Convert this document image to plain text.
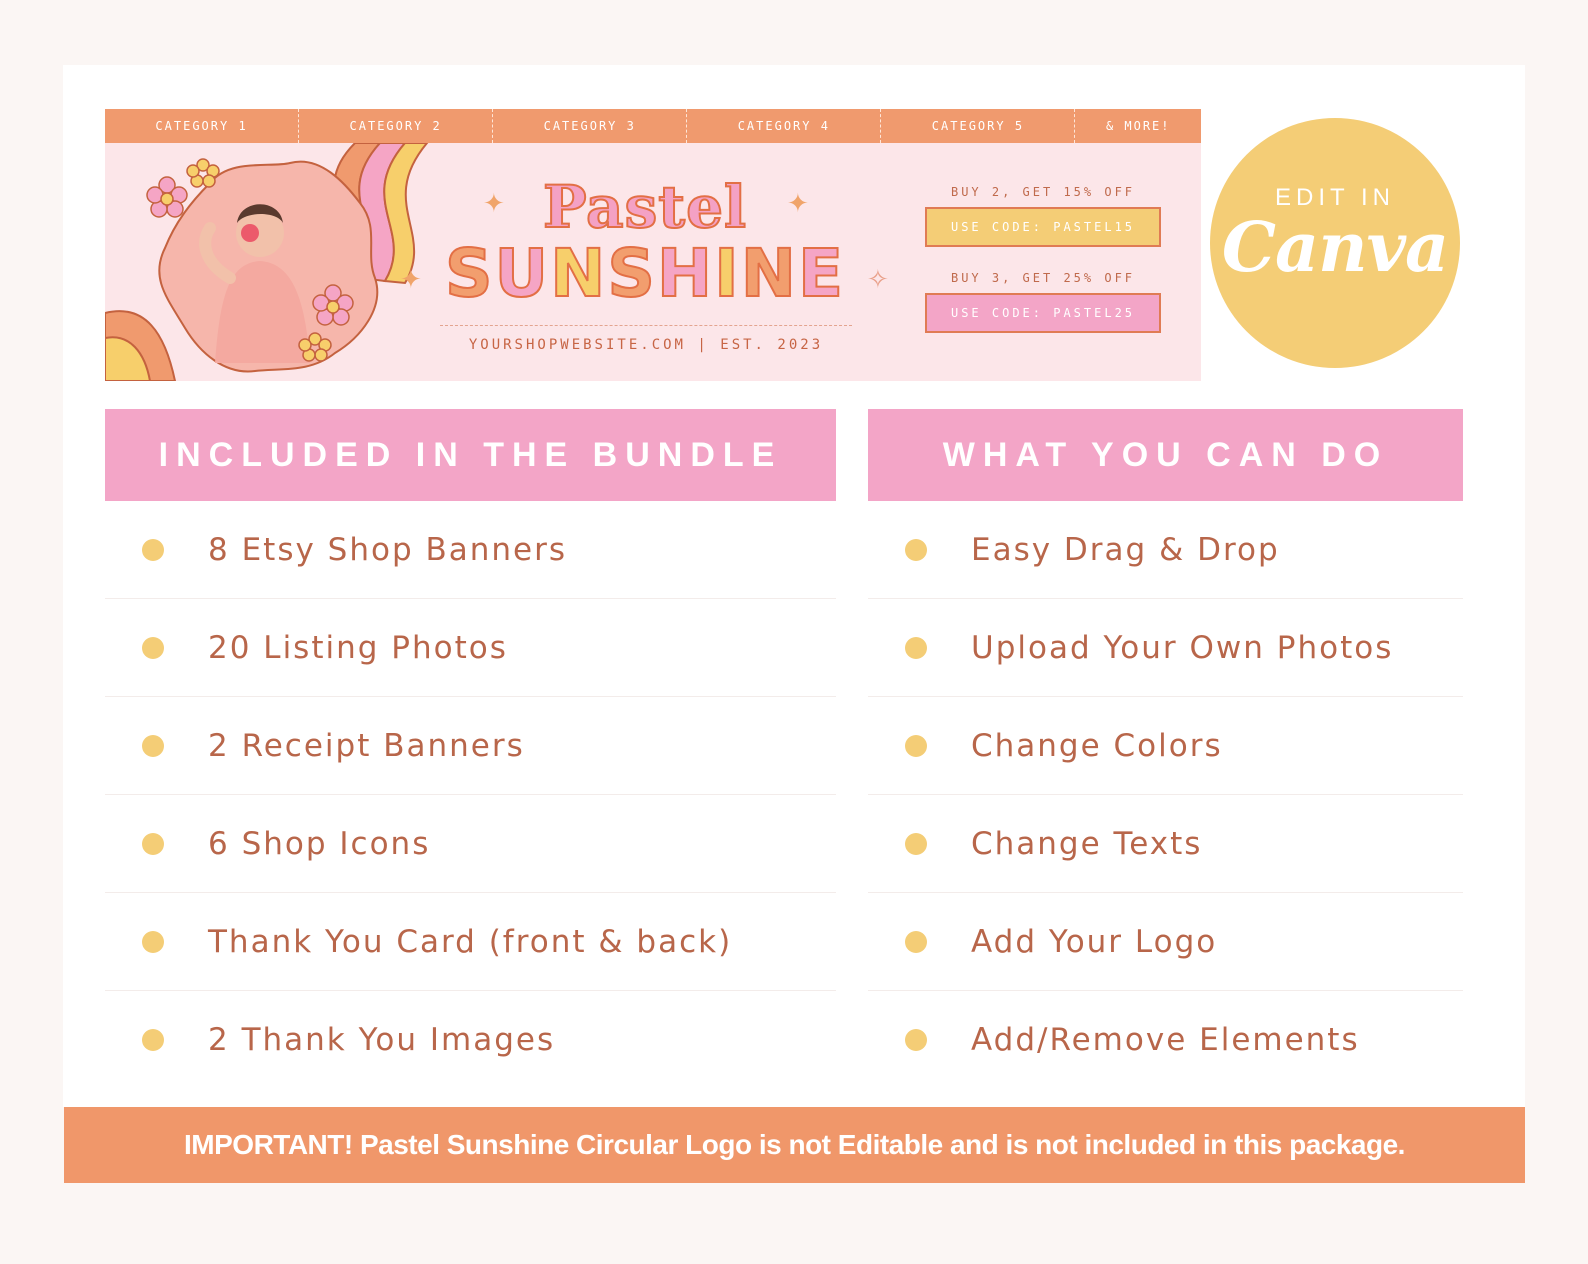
CATEGORY 1	CATEGORY 2	CATEGORY 3	CATEGORY 4	CATEGORY 5	& MORE!
✦	✦
✦	✧
Pastel
SUNSHINE
YOURSHOPWEBSITE.COM | EST. 2023
BUY 2, GET 15% OFF
USE CODE: PASTEL15
BUY 3, GET 25% OFF
USE CODE: PASTEL25
EDIT IN
Canva
INCLUDED IN THE BUNDLE
8 Etsy Shop Banners
20 Listing Photos
2 Receipt Banners
6 Shop Icons
Thank You Card (front & back)
2 Thank You Images
WHAT YOU CAN DO
Easy Drag & Drop
Upload Your Own Photos
Change Colors
Change Texts
Add Your Logo
Add/Remove Elements
IMPORTANT! Pastel Sunshine Circular Logo is not Editable and is not included in this package.
